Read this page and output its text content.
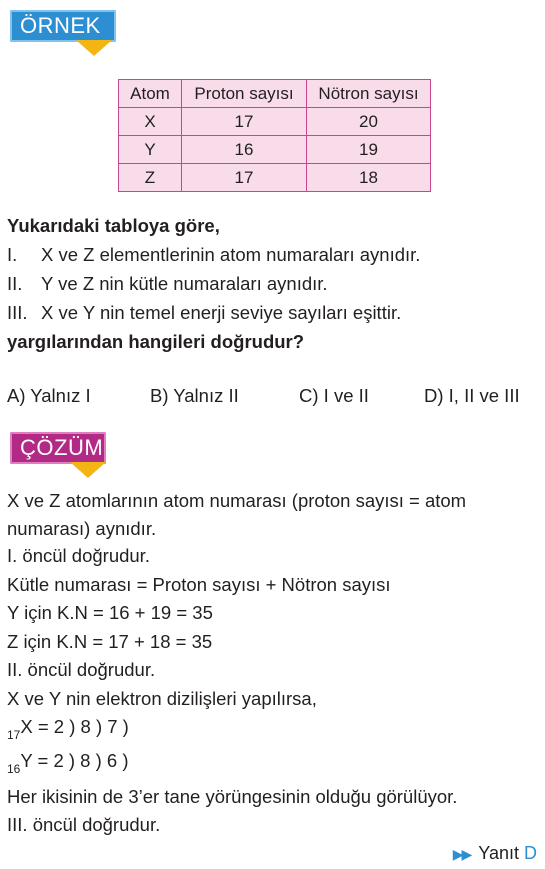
ÖRNEK
Atom	Proton sayısı	Nötron sayısı
X	17	20
Y	16	19
Z	17	18
Yukarıdaki tabloya göre,
I. X ve Z elementlerinin atom numaraları aynıdır.
II. Y ve Z nin kütle numaraları aynıdır.
III. X ve Y nin temel enerji seviye sayıları eşittir.
yargılarından hangileri doğrudur?
A) Yalnız I	B) Yalnız II	C) I ve II	D) I, II ve III
ÇÖZÜM
X ve Z atomlarının atom numarası (proton sayısı = atom
numarası) aynıdır.
I. öncül doğrudur.
Kütle numarası = Proton sayısı + Nötron sayısı
Y için K.N = 16 + 19 = 35
Z için K.N = 17 + 18 = 35
II. öncül doğrudur.
X ve Y nin elektron dizilişleri yapılırsa,
$_{17}$X = 2 ) 8 ) 7 )
$_{16}$Y = 2 ) 8 ) 6 )
Her ikisinin de 3’er tane yörüngesinin olduğu görülüyor.
III. öncül doğrudur.
▶▶ Yanıt D
